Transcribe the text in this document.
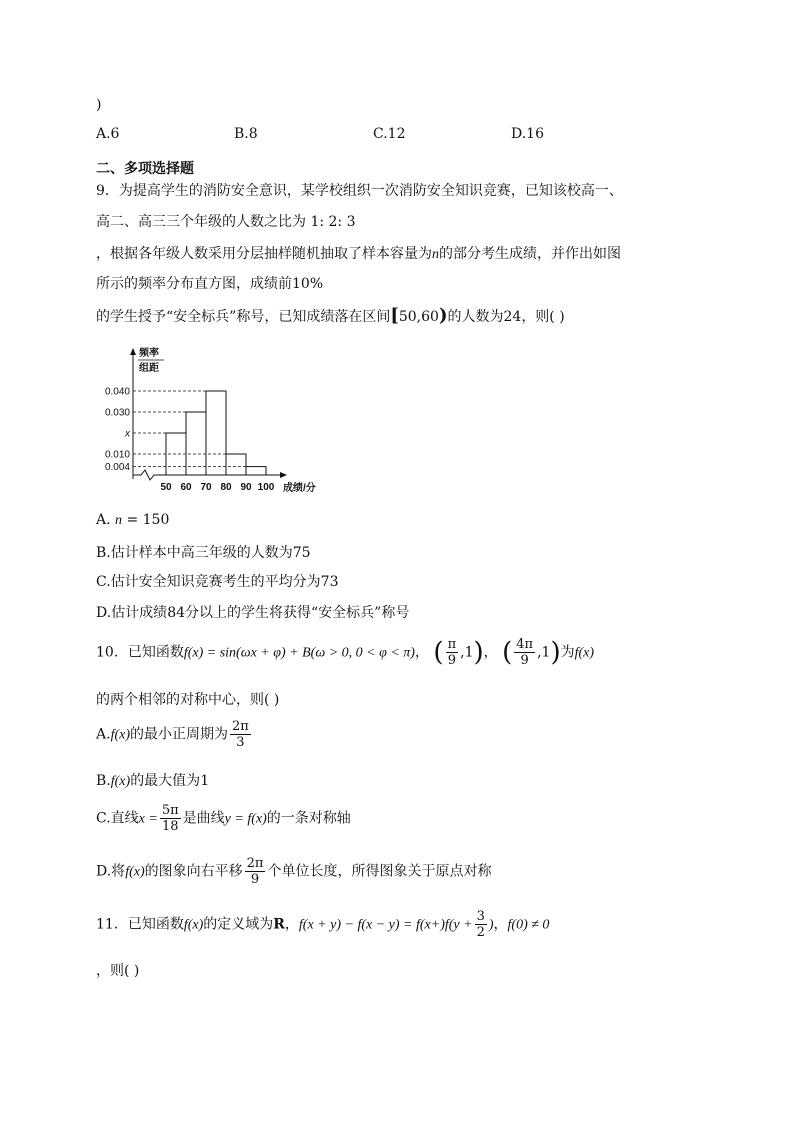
)
A.6	B.8	C.12	D.16
二、多项选择题
9．为提高学生的消防安全意识，某学校组织一次消防安全知识竞赛，已知该校高一、
高二、高三三个年级的人数之比为 1: 2: 3
，根据各年级人数采用分层抽样随机抽取了样本容量为n的部分考生成绩，并作出如图
所示的频率分布直方图，成绩前10%
的学生授予“安全标兵”称号，已知成绩落在区间[50,60)的人数为24，则( )
频率
组距
0.040
0.030
x
0.010
0.004
50 60 70 80 90 100 成绩/分
A. n = 150
B.估计样本中高三年级的人数为75
C.估计安全知识竞赛考生的平均分为73
D.估计成绩84分以上的学生将获得“安全标兵”称号
10．已知函数f(x) = sin(ωx + φ) + B(ω > 0, 0 < φ < π)， ( $\frac{\pi}{9} ,1$)， ( $\frac{4\pi}{9} ,1$)为f(x)
的两个相邻的对称中心，则( )
A.f(x)的最小正周期为 $\frac{2\pi}{3}$
B.f(x)的最大值为1
C.直线$x = \frac{5\pi}{18}$ 是曲线y = f(x)的一条对称轴
D.将f(x)的图象向右平移 $\frac{2\pi}{9}$ 个单位长度，所得图象关于原点对称
11．已知函数f(x)的定义域为R，$f(x + y) - f(x - y) = f(x+)f(y + \frac{3}{2}$ )，f(0) ≠ 0
，则( )
